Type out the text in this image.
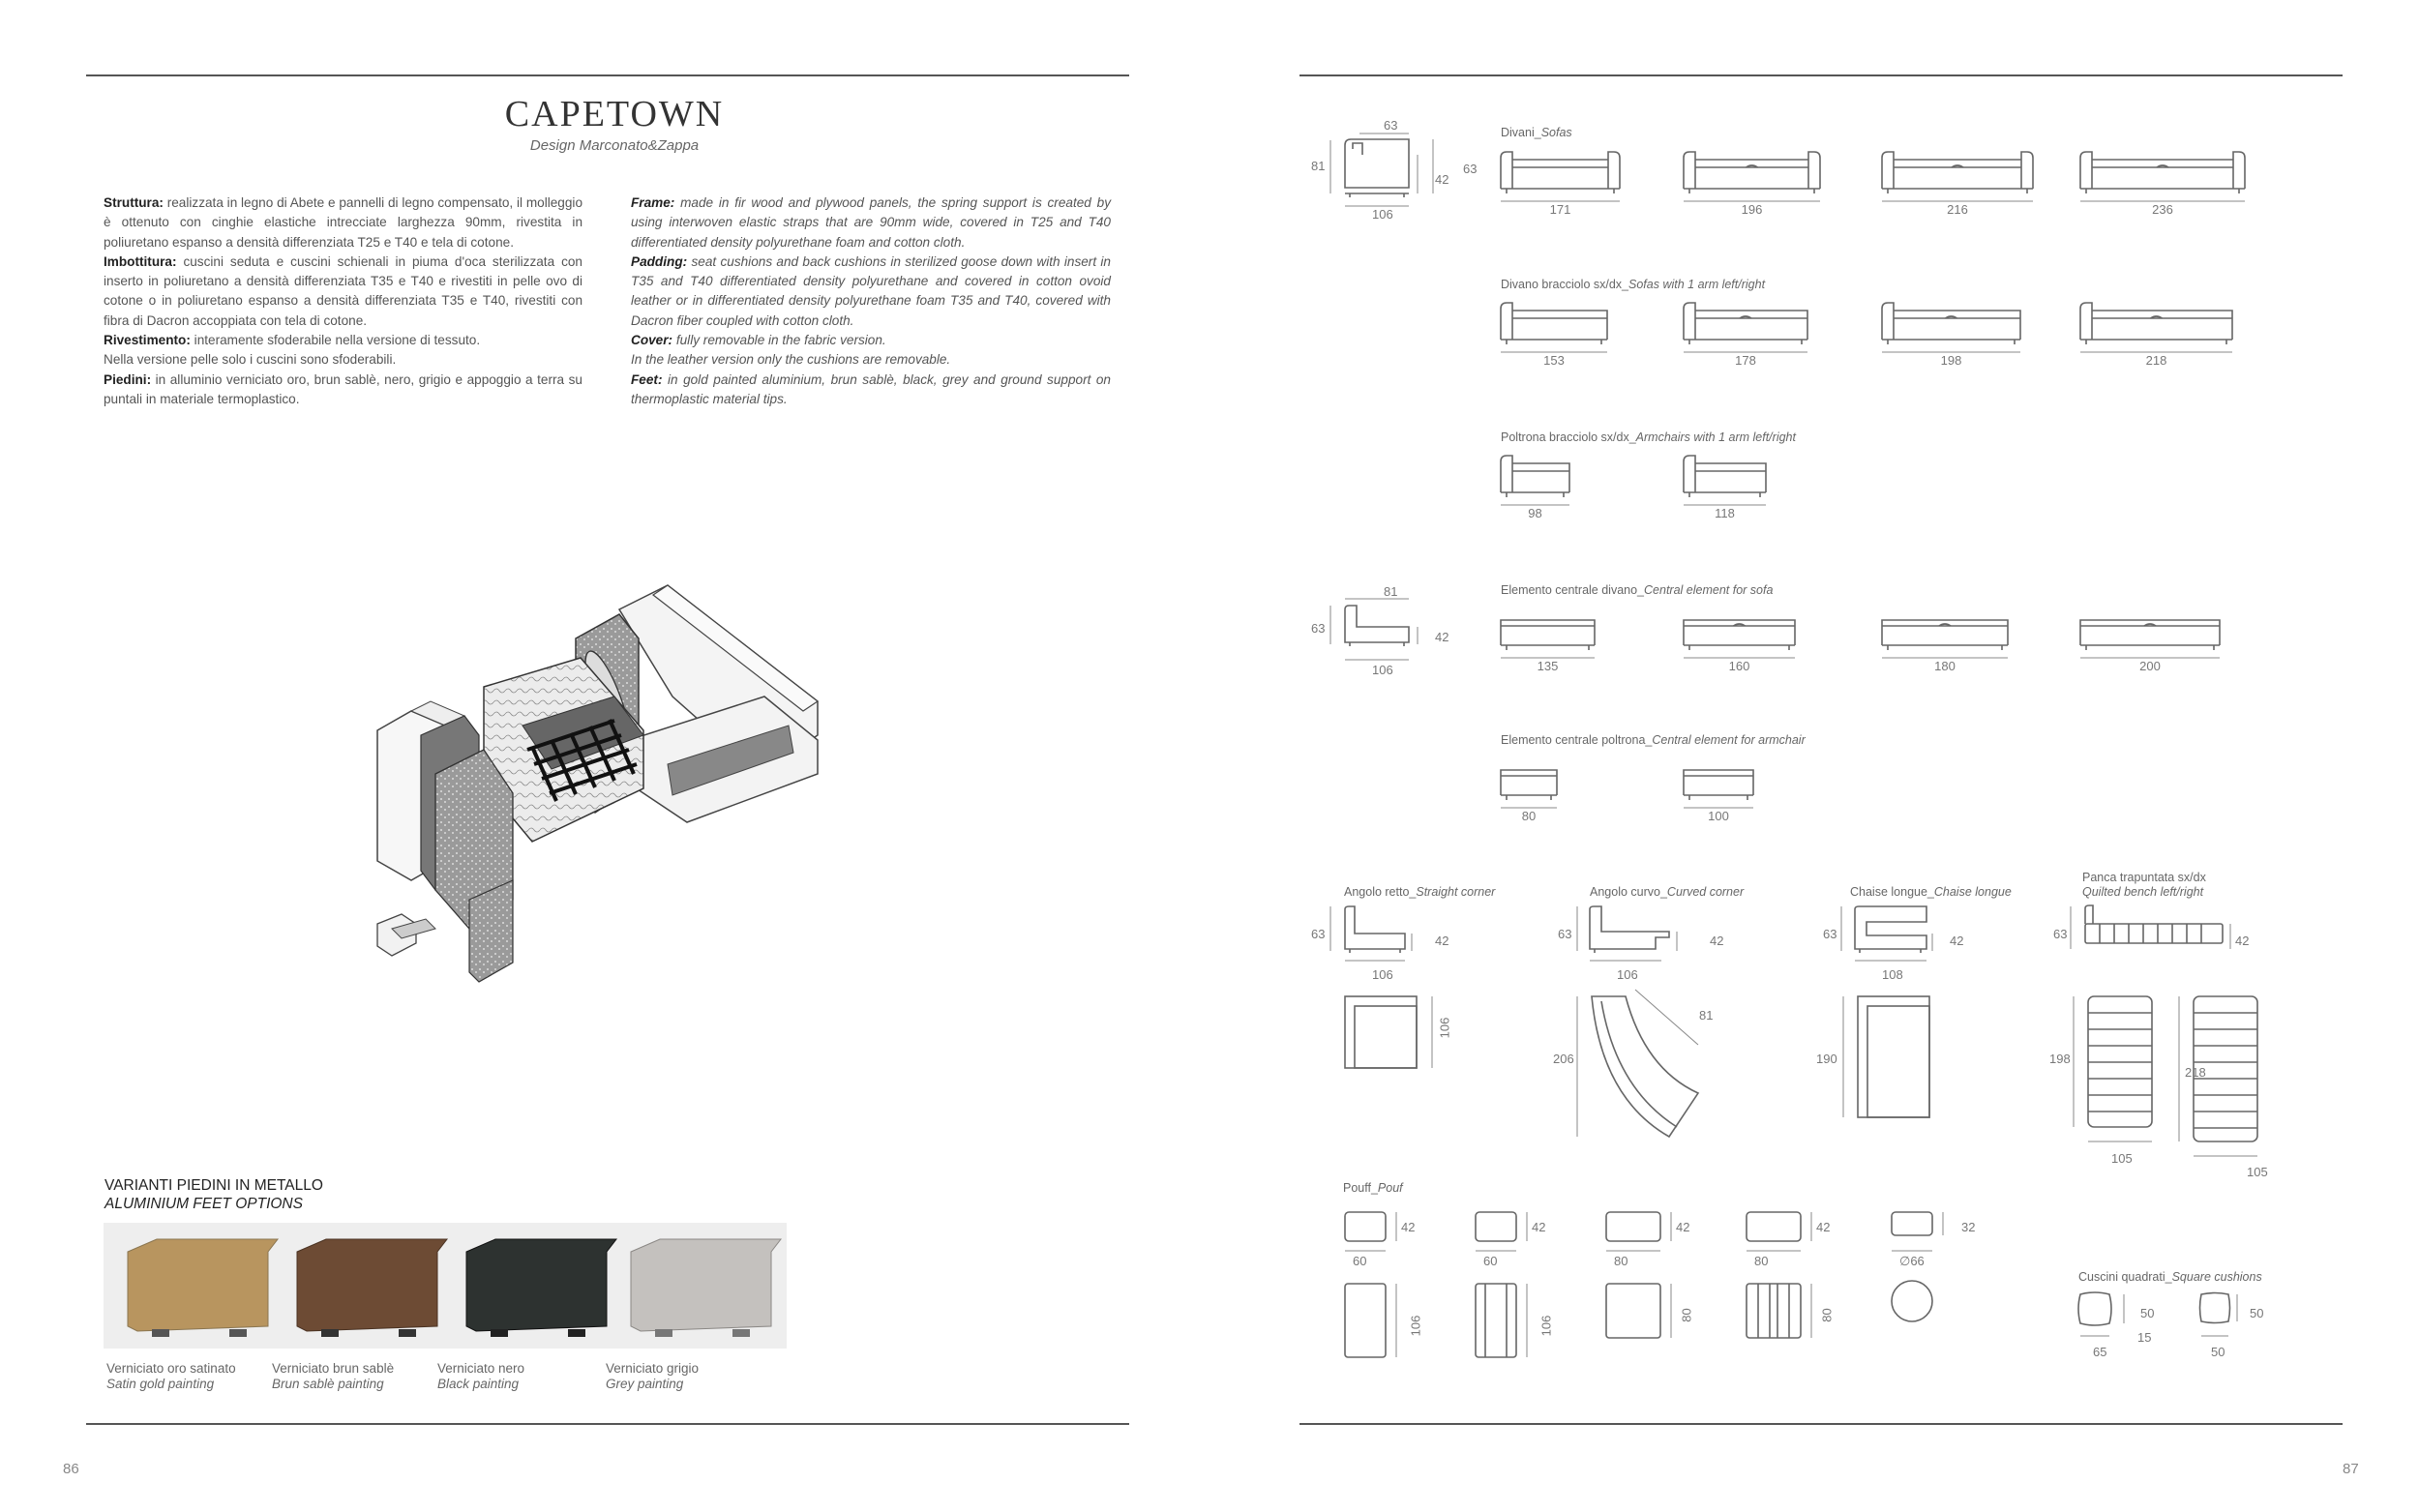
CAPETOWN
Design Marconato&Zappa

Struttura: realizzata in legno di Abete e pannelli di legno compensato, il molleggio è ottenuto con cinghie elastiche intrecciate larghezza 90mm, rivestita in poliuretano espanso a densità differenziata T25 e T40 e tela di cotone.

Imbottitura: cuscini seduta e cuscini schienali in piuma d'oca sterilizzata con inserto in poliuretano a densità differenziata T35 e T40 e rivestiti in pelle ovo di cotone o in poliuretano espanso a densità differenziata T35 e T40, rivestiti con fibra di Dacron accoppiata con tela di cotone.

Rivestimento: interamente sfoderabile nella versione di tessuto.

Nella versione pelle solo i cuscini sono sfoderabili.

Piedini: in alluminio verniciato oro, brun sablè, nero, grigio e appoggio a terra su puntali in materiale termoplastico.

Frame: made in fir wood and plywood panels, the spring support is created by using interwoven elastic straps that are 90mm wide, covered in T25 and T40 differentiated density polyurethane foam and cotton cloth.

Padding: seat cushions and back cushions in sterilized goose down with insert in T35 and T40 differentiated density polyurethane and covered in cotton ovoid leather or in differentiated density polyurethane foam T35 and T40, covered with Dacron fiber coupled with cotton cloth.

Cover: fully removable in the fabric version.

In the leather version only the cushions are removable.

Feet: in gold painted aluminium, brun sablè, black, grey and ground support on thermoplastic material tips.

VARIANTI PIEDINI IN METALLO
ALUMINIUM FEET OPTIONS
Verniciato oro satinato
Satin gold painting
Verniciato brun sablè
Brun sablè painting
Verniciato nero
Black painting
Verniciato grigio
Grey painting
86	87
Divani_Sofas
63
81
42
63
106
Divano bracciolo sx/dx_Sofas with 1 arm left/right
Poltrona bracciolo sx/dx_Armchairs with 1 arm left/right
Elemento centrale divano_Central element for sofa
81
63
42
106
Elemento centrale poltrona_Central element for armchair
Angolo retto_Straight corner	Angolo curvo_Curved corner	Chaise longue_Chaise longue
Panca trapuntata sx/dx
Quilted bench left/right
63	42
106
106
63	42
106
206
81
63	42
108
190
63	42
198
105
218
105
Pouff_Pouf
Cuscini quadrati_Square cushions
50
15
65
50
50
171	196	216	236
153	178	198	218
98	118
135	160	180	200
80	100
60
42
106
60
42
106
80
42
80
80
42
80
∅66
32
